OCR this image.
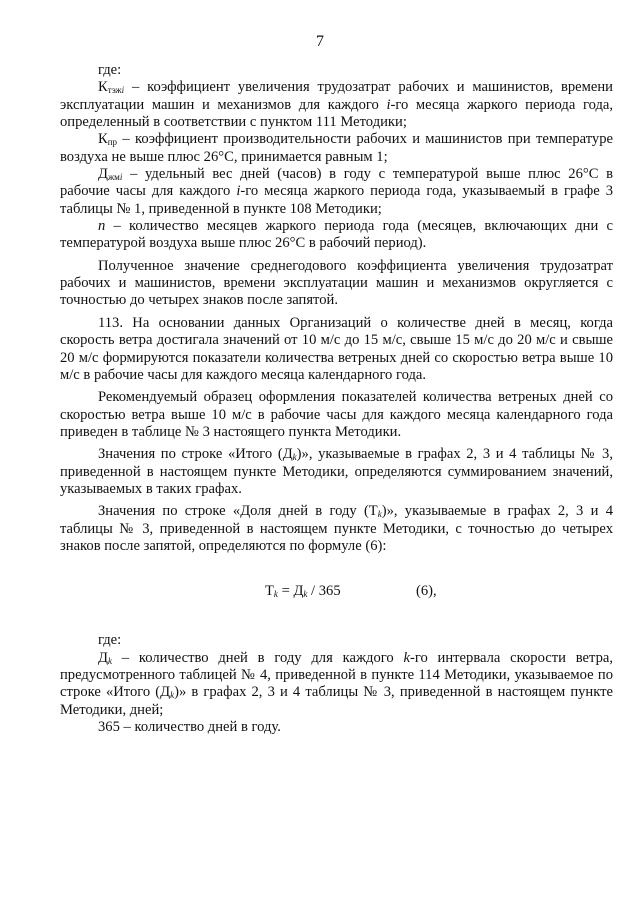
7

где:

$К_{тэжi}$ – коэффициент увеличения трудозатрат рабочих и машинистов, времени эксплуатации машин и механизмов для каждого i-го месяца жаркого периода года, определенный в соответствии с пунктом 111 Методики;

$К_{пр}$ – коэффициент производительности рабочих и машинистов при температуре воздуха не выше плюс 26°С, принимается равным 1;

$Д_{жмi}$ – удельный вес дней (часов) в году с температурой выше плюс 26°С в рабочие часы для каждого i-го месяца жаркого периода года, указываемый в графе 3 таблицы № 1, приведенной в пункте 108 Методики;

n – количество месяцев жаркого периода года (месяцев, включающих дни с температурой воздуха выше плюс 26°С в рабочий период).

Полученное значение среднегодового коэффициента увеличения трудозатрат рабочих и машинистов, времени эксплуатации машин и механизмов округляется с точностью до четырех знаков после запятой.

113. На основании данных Организаций о количестве дней в месяц, когда скорость ветра достигала значений от 10 м/с до 15 м/с, свыше 15 м/с до 20 м/с и свыше 20 м/с формируются показатели количества ветреных дней со скоростью ветра выше 10 м/с в рабочие часы для каждого месяца календарного года.

Рекомендуемый образец оформления показателей количества ветреных дней со скоростью ветра выше 10 м/с в рабочие часы для каждого месяца календарного года приведен в таблице № 3 настоящего пункта Методики.

Значения по строке «Итого $(Д_k)$», указываемые в графах 2, 3 и 4 таблицы № 3, приведенной в настоящем пункте Методики, определяются суммированием значений, указываемых в таких графах.

Значения по строке «Доля дней в году $(Т_k)$», указываемые в графах 2, 3 и 4 таблицы № 3, приведенной в настоящем пункте Методики, с точностью до четырех знаков после запятой, определяются по формуле (6):

$Т_k = Д_k / 365$	(6),

где:

$Д_k$ – количество дней в году для каждого k-го интервала скорости ветра, предусмотренного таблицей № 4, приведенной в пункте 114 Методики, указываемое по строке «Итого $(Д_k)$» в графах 2, 3 и 4 таблицы № 3, приведенной в настоящем пункте Методики, дней;

365 – количество дней в году.
